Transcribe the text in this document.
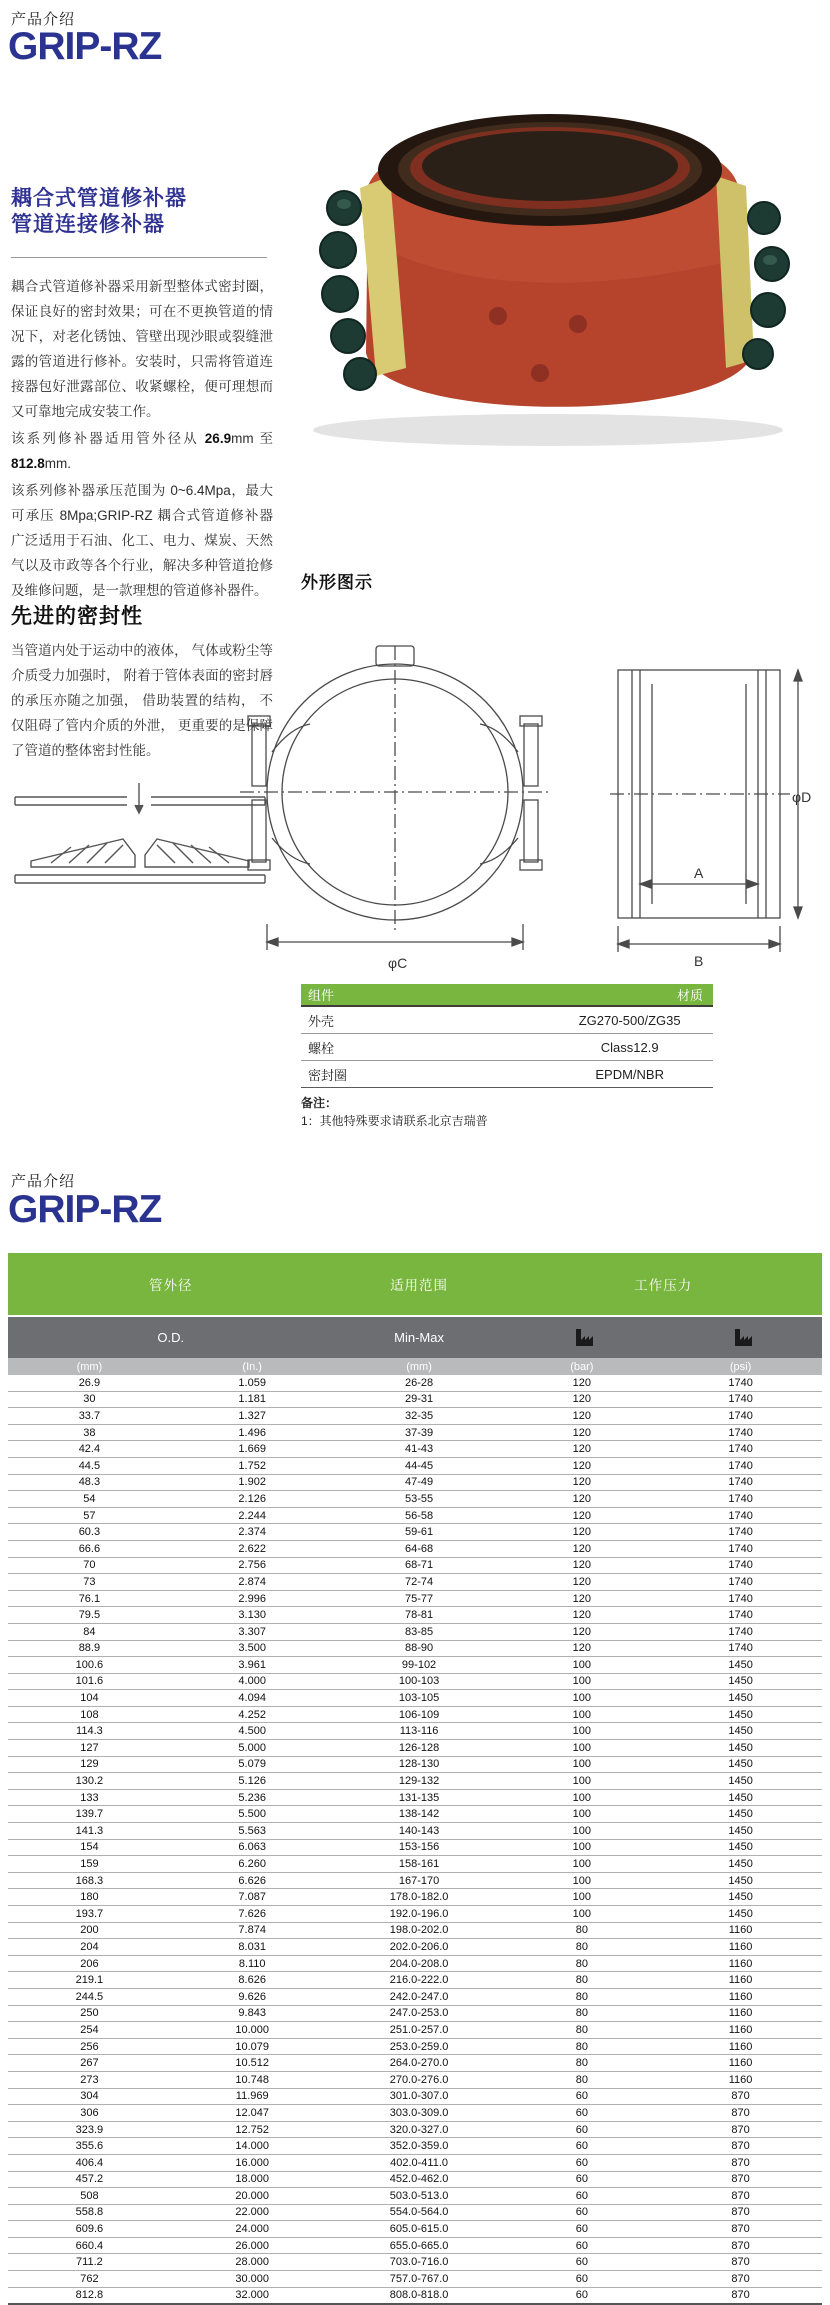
产品介绍
GRIP-RZ
耦合式管道修补器
管道连接修补器

耦合式管道修补器采用新型整体式密封圈，保证良好的密封效果；可在不更换管道的情况下，对老化锈蚀、管壁出现沙眼或裂缝泄露的管道进行修补。安装时，只需将管道连接器包好泄露部位、收紧螺栓，便可理想而又可靠地完成安装工作。

该系列修补器适用管外径从 26.9mm 至 812.8mm.

该系列修补器承压范围为 0~6.4Mpa，最大可承压 8Mpa;GRIP-RZ 耦合式管道修补器广泛适用于石油、化工、电力、煤炭、天然气以及市政等各个行业，解决多种管道抢修及维修问题，是一款理想的管道修补器件。

先进的密封性

当管道内处于运动中的液体， 气体或粉尘等介质受力加强时， 附着于管体表面的密封唇的承压亦随之加强， 借助装置的结构， 不仅阻碍了管内介质的外泄， 更重要的是保障了管道的整体密封性能。

外形图示
φC
φD
A
B
组件	材质
外壳	ZG270-500/ZG35
螺栓	Class12.9
密封圈	EPDM/NBR
备注：
1：其他特殊要求请联系北京吉瑞普
产品介绍
GRIP-RZ
管外径	适用范围	工作压力
O.D.	Min-Max
(mm)	(In.)	(mm)	(bar)	(psi)
26.9	1.059	26-28	120	1740
30	1.181	29-31	120	1740
33.7	1.327	32-35	120	1740
38	1.496	37-39	120	1740
42.4	1.669	41-43	120	1740
44.5	1.752	44-45	120	1740
48.3	1.902	47-49	120	1740
54	2.126	53-55	120	1740
57	2.244	56-58	120	1740
60.3	2.374	59-61	120	1740
66.6	2.622	64-68	120	1740
70	2.756	68-71	120	1740
73	2.874	72-74	120	1740
76.1	2.996	75-77	120	1740
79.5	3.130	78-81	120	1740
84	3.307	83-85	120	1740
88.9	3.500	88-90	120	1740
100.6	3.961	99-102	100	1450
101.6	4.000	100-103	100	1450
104	4.094	103-105	100	1450
108	4.252	106-109	100	1450
114.3	4.500	113-116	100	1450
127	5.000	126-128	100	1450
129	5.079	128-130	100	1450
130.2	5.126	129-132	100	1450
133	5.236	131-135	100	1450
139.7	5.500	138-142	100	1450
141.3	5.563	140-143	100	1450
154	6.063	153-156	100	1450
159	6.260	158-161	100	1450
168.3	6.626	167-170	100	1450
180	7.087	178.0-182.0	100	1450
193.7	7.626	192.0-196.0	100	1450
200	7.874	198.0-202.0	80	1160
204	8.031	202.0-206.0	80	1160
206	8.110	204.0-208.0	80	1160
219.1	8.626	216.0-222.0	80	1160
244.5	9.626	242.0-247.0	80	1160
250	9.843	247.0-253.0	80	1160
254	10.000	251.0-257.0	80	1160
256	10.079	253.0-259.0	80	1160
267	10.512	264.0-270.0	80	1160
273	10.748	270.0-276.0	80	1160
304	11.969	301.0-307.0	60	870
306	12.047	303.0-309.0	60	870
323.9	12.752	320.0-327.0	60	870
355.6	14.000	352.0-359.0	60	870
406.4	16.000	402.0-411.0	60	870
457.2	18.000	452.0-462.0	60	870
508	20.000	503.0-513.0	60	870
558.8	22.000	554.0-564.0	60	870
609.6	24.000	605.0-615.0	60	870
660.4	26.000	655.0-665.0	60	870
711.2	28.000	703.0-716.0	60	870
762	30.000	757.0-767.0	60	870
812.8	32.000	808.0-818.0	60	870
